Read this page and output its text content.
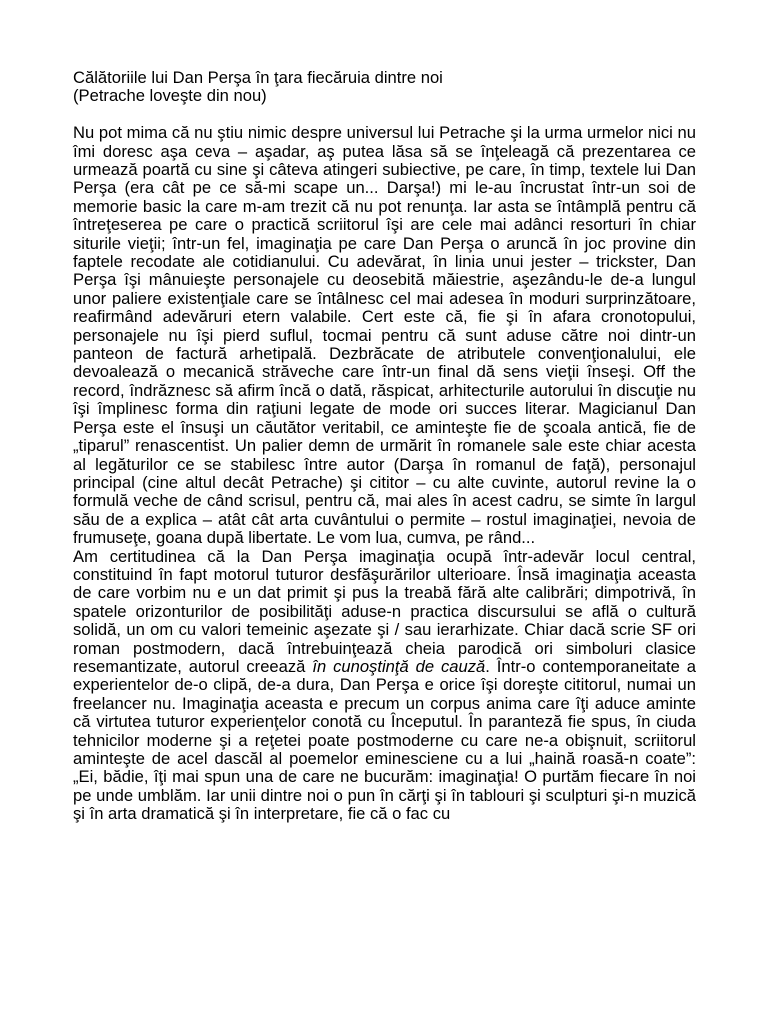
Călătoriile lui Dan Perşa în ţara fiecăruia dintre noi
(Petrache loveşte din nou)

Nu pot mima că nu ştiu nimic despre universul lui Petrache şi la urma urmelor nici nu îmi doresc aşa ceva – aşadar, aş putea lăsa să se înţeleagă că prezentarea ce urmează poartă cu sine şi câteva atingeri subiective, pe care, în timp, textele lui Dan Perşa (era cât pe ce să-mi scape un... Darşa!) mi le-au încrustat într-un soi de memorie basic la care m-am trezit că nu pot renunţa. Iar asta se întâmplă pentru că întreţeserea pe care o practică scriitorul îşi are cele mai adânci resorturi în chiar siturile vieţii; într-un fel, imaginaţia pe care Dan Perşa o aruncă în joc provine din faptele recodate ale cotidianului. Cu adevărat, în linia unui jester – trickster, Dan Perşa îşi mânuieşte personajele cu deosebită măiestrie, aşezându-le de-a lungul unor paliere existenţiale care se întâlnesc cel mai adesea în moduri surprinzătoare, reafirmând adevăruri etern valabile. Cert este că, fie şi în afara cronotopului, personajele nu îşi pierd suflul, tocmai pentru că sunt aduse către noi dintr-un panteon de factură arhetipală. Dezbrăcate de atributele convenţionalului, ele devoalează o mecanică străveche care într-un final dă sens vieţii înseşi. Off the record, îndrăznesc să afirm încă o dată, răspicat, arhitecturile autorului în discuţie nu îşi împlinesc forma din raţiuni legate de mode ori succes literar. Magicianul Dan Perşa este el însuşi un căutător veritabil, ce aminteşte fie de şcoala antică, fie de „tiparul” renascentist. Un palier demn de urmărit în romanele sale este chiar acesta al legăturilor ce se stabilesc între autor (Darşa în romanul de faţă), personajul principal (cine altul decât Petrache) şi cititor – cu alte cuvinte, autorul revine la o formulă veche de când scrisul, pentru că, mai ales în acest cadru, se simte în largul său de a explica – atât cât arta cuvântului o permite – rostul imaginaţiei, nevoia de frumuseţe, goana după libertate. Le vom lua, cumva, pe rând...

Am certitudinea că la Dan Perşa imaginaţia ocupă într-adevăr locul central, constituind în fapt motorul tuturor desfăşurărilor ulterioare. Însă imaginaţia aceasta de care vorbim nu e un dat primit şi pus la treabă fără alte calibrări; dimpotrivă, în spatele orizonturilor de posibilităţi aduse-n practica discursului se află o cultură solidă, un om cu valori temeinic aşezate şi / sau ierarhizate. Chiar dacă scrie SF ori roman postmodern, dacă întrebuinţează cheia parodică ori simboluri clasice resemantizate, autorul creează în cunoştinţă de cauză. Într-o contemporaneitate a experientelor de-o clipă, de-a dura, Dan Perşa e orice îşi doreşte cititorul, numai un freelancer nu. Imaginaţia aceasta e precum un corpus anima care îţi aduce aminte că virtutea tuturor experienţelor conotă cu Începutul. În paranteză fie spus, în ciuda tehnicilor moderne şi a reţetei poate postmoderne cu care ne-a obişnuit, scriitorul aminteşte de acel dascăl al poemelor eminesciene cu a lui „haină roasă-n coate”: „Ei, bădie, îţi mai spun una de care ne bucurăm: imaginaţia! O purtăm fiecare în noi pe unde umblăm. Iar unii dintre noi o pun în cărţi şi în tablouri şi sculpturi şi-n muzică şi în arta dramatică şi în interpretare, fie că o fac cu
